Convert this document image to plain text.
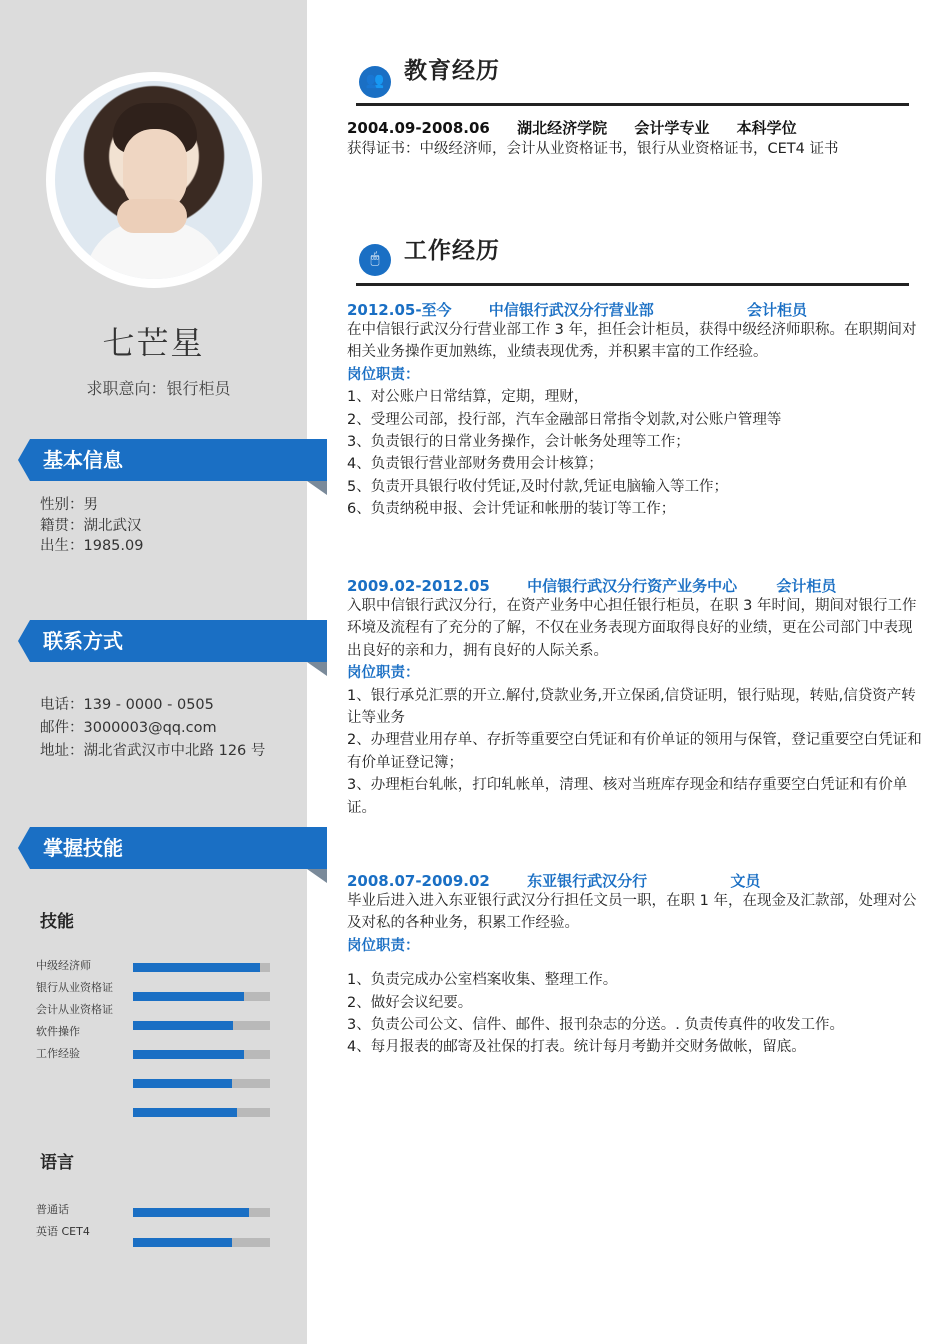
七芒星
求职意向：银行柜员
基本信息
性别：男
籍贯：湖北武汉
出生：1985.09
联系方式
电话：139 - 0000 - 0505
邮件：3000003@qq.com
地址：湖北省武汉市中北路 126 号
掌握技能
技能
中级经济师
银行从业资格证
会计从业资格证
软件操作
工作经验
语言
普通话
英语 CET4
👥 教育经历
2004.09-2008.06 湖北经济学院 会计学专业 本科学位
获得证书：中级经济师，会计从业资格证书，银行从业资格证书，CET4 证书
🖱	工作经历
2012.05-至今 中信银行武汉分行营业部	会计柜员
在中信银行武汉分行营业部工作 3 年，担任会计柜员，获得中级经济师职称。在职期间对相关业务操作更加熟练，业绩表现优秀，并积累丰富的工作经验。
岗位职责：
1、对公账户日常结算，定期，理财，
2、受理公司部，投行部，汽车金融部日常指令划款,对公账户管理等
3、负责银行的日常业务操作，会计帐务处理等工作；
4、负责银行营业部财务费用会计核算；
5、负责开具银行收付凭证,及时付款,凭证电脑输入等工作；
6、负责纳税申报、会计凭证和帐册的装订等工作；
2009.02-2012.05 中信银行武汉分行资产业务中心	会计柜员
入职中信银行武汉分行，在资产业务中心担任银行柜员，在职 3 年时间，期间对银行工作环境及流程有了充分的了解，不仅在业务表现方面取得良好的业绩，更在公司部门中表现出良好的亲和力，拥有良好的人际关系。
岗位职责：
1、银行承兑汇票的开立.解付,贷款业务,开立保函,信贷证明，银行贴现，转贴,信贷资产转让等业务
2、办理营业用存单、存折等重要空白凭证和有价单证的领用与保管，登记重要空白凭证和有价单证登记簿；
3、办理柜台轧帐，打印轧帐单，清理、核对当班库存现金和结存重要空白凭证和有价单证。
2008.07-2009.02 东亚银行武汉分行	文员
毕业后进入进入东亚银行武汉分行担任文员一职，在职 1 年，在现金及汇款部，处理对公及对私的各种业务，积累工作经验。
岗位职责：
1、负责完成办公室档案收集、整理工作。
2、做好会议纪要。
3、负责公司公文、信件、邮件、报刊杂志的分送。. 负责传真件的收发工作。
4、每月报表的邮寄及社保的打表。统计每月考勤并交财务做帐，留底。
